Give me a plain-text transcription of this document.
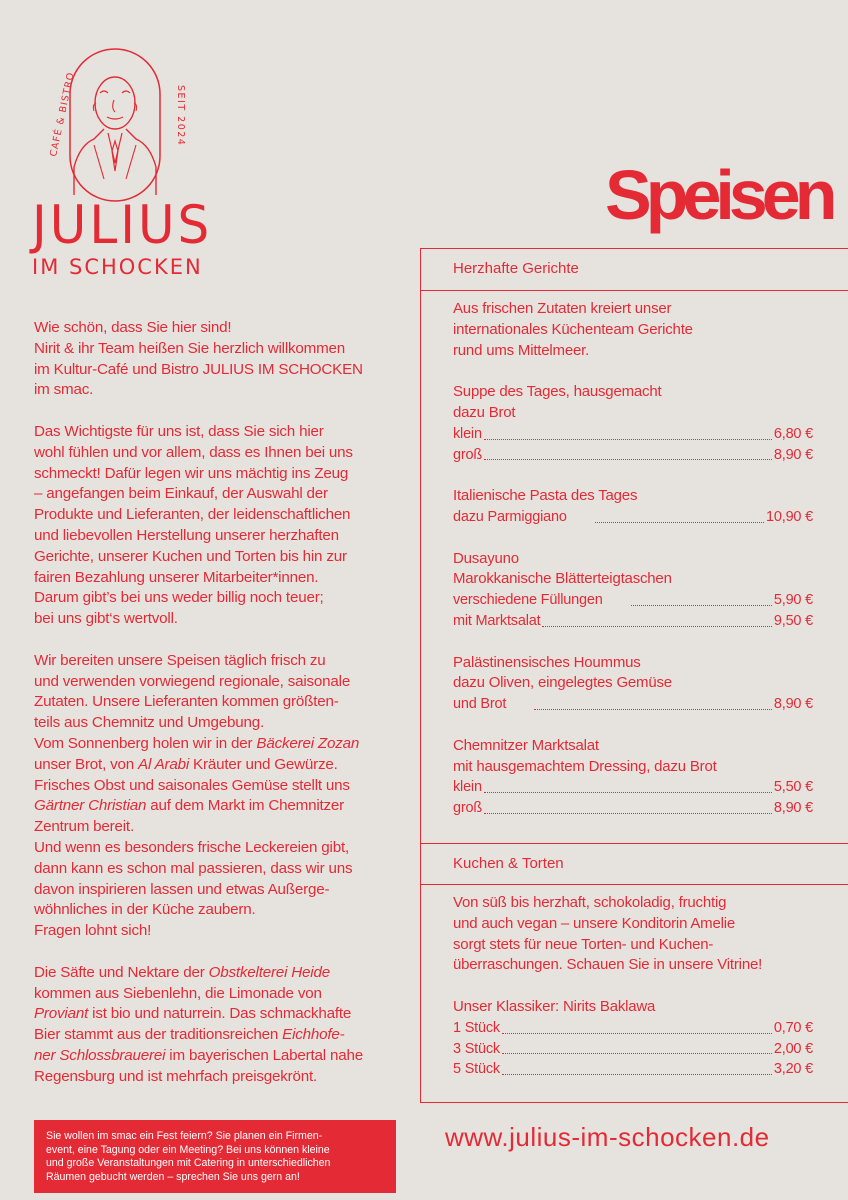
CAFÉ & BISTRO	SEIT 2024
JULIUS
IM SCHOCKEN

Wie schön, dass Sie hier sind!
Nirit & ihr Team heißen Sie herzlich willkommen
im Kultur-Café und Bistro JULIUS IM SCHOCKEN
im smac.

Das Wichtigste für uns ist, dass Sie sich hier
wohl fühlen und vor allem, dass es Ihnen bei uns
schmeckt! Dafür legen wir uns mächtig ins Zeug
– angefangen beim Einkauf, der Auswahl der
Produkte und Lieferanten, der leidenschaftlichen
und liebevollen Herstellung unserer herzhaften
Gerichte, unserer Kuchen und Torten bis hin zur
fairen Bezahlung unserer Mitarbeiter*innen.
Darum gibt’s bei uns weder billig noch teuer;
bei uns gibt‘s wertvoll.

Wir bereiten unsere Speisen täglich frisch zu
und verwenden vorwiegend regionale, saisonale
Zutaten. Unsere Lieferanten kommen größten-
teils aus Chemnitz und Umgebung.
Vom Sonnenberg holen wir in der Bäckerei Zozan
unser Brot, von Al Arabi Kräuter und Gewürze.
Frisches Obst und saisonales Gemüse stellt uns
Gärtner Christian auf dem Markt im Chemnitzer
Zentrum bereit.
Und wenn es besonders frische Leckereien gibt,
dann kann es schon mal passieren, dass wir uns
davon inspirieren lassen und etwas Außerge-
wöhnliches in der Küche zaubern.
Fragen lohnt sich!

Die Säfte und Nektare der Obstkelterei Heide
kommen aus Siebenlehn, die Limonade von
Proviant ist bio und naturrein. Das schmackhafte
Bier stammt aus der traditionsreichen Eichhofe-
ner Schlossbrauerei im bayerischen Labertal nahe
Regensburg und ist mehrfach preisgekrönt.

Speisen
Herzhafte Gerichte

Aus frischen Zutaten kreiert unser
internationales Küchenteam Gerichte
rund ums Mittelmeer.

Suppe des Tages, hausgemacht
dazu Brot

klein	6,80 €
groß	8,90 €

Italienische Pasta des Tages

dazu Parmiggiano	10,90 €

Dusayuno
Marokkanische Blätterteigtaschen

verschiedene Füllungen	5,90 €
mit Marktsalat	9,50 €

Palästinensisches Hoummus
dazu Oliven, eingelegtes Gemüse

und Brot	8,90 €

Chemnitzer Marktsalat
mit hausgemachtem Dressing, dazu Brot

klein	5,50 €
groß	8,90 €
Kuchen & Torten

Von süß bis herzhaft, schokoladig, fruchtig
und auch vegan – unsere Konditorin Amelie
sorgt stets für neue Torten- und Kuchen-
überraschungen. Schauen Sie in unsere Vitrine!

Unser Klassiker: Nirits Baklawa

1 Stück	0,70 €
3 Stück	2,00 €
5 Stück	3,20 €
Sie wollen im smac ein Fest feiern? Sie planen ein Firmen-
event, eine Tagung oder ein Meeting? Bei uns können kleine
und große Veranstaltungen mit Catering in unterschiedlichen
Räumen gebucht werden – sprechen Sie uns gern an!
www.julius-im-schocken.de
